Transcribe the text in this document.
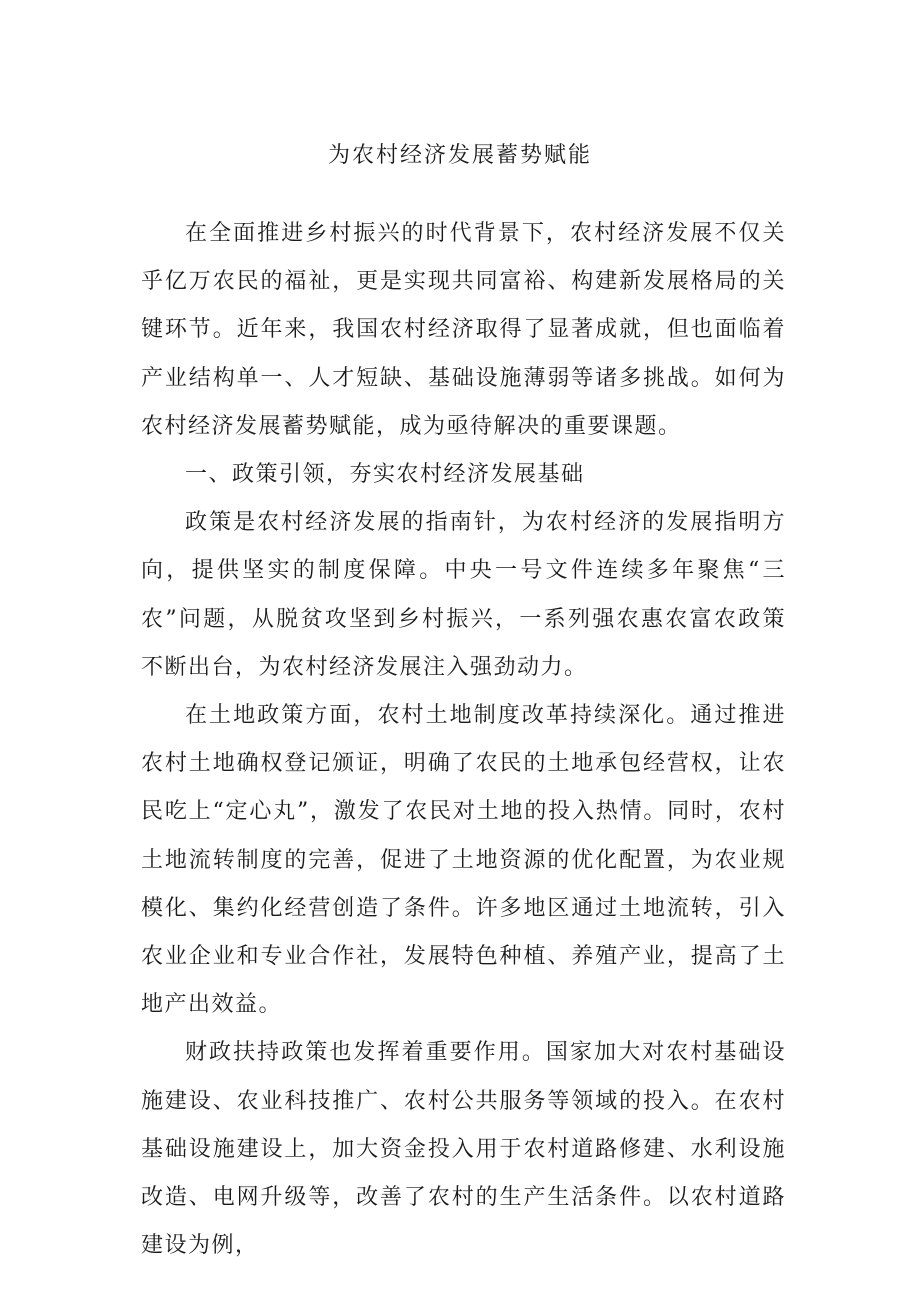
为农村经济发展蓄势赋能

在全面推进乡村振兴的时代背景下，农村经济发展不仅关乎亿万农民的福祉，更是实现共同富裕、构建新发展格局的关键环节。近年来，我国农村经济取得了显著成就，但也面临着产业结构单一、人才短缺、基础设施薄弱等诸多挑战。如何为农村经济发展蓄势赋能，成为亟待解决的重要课题。

一、政策引领，夯实农村经济发展基础

政策是农村经济发展的指南针，为农村经济的发展指明方向，提供坚实的制度保障。中央一号文件连续多年聚焦“三农”问题，从脱贫攻坚到乡村振兴，一系列强农惠农富农政策不断出台，为农村经济发展注入强劲动力。

在土地政策方面，农村土地制度改革持续深化。通过推进农村土地确权登记颁证，明确了农民的土地承包经营权，让农民吃上“定心丸”，激发了农民对土地的投入热情。同时，农村土地流转制度的完善，促进了土地资源的优化配置，为农业规模化、集约化经营创造了条件。许多地区通过土地流转，引入农业企业和专业合作社，发展特色种植、养殖产业，提高了土地产出效益。

财政扶持政策也发挥着重要作用。国家加大对农村基础设施建设、农业科技推广、农村公共服务等领域的投入。在农村基础设施建设上，加大资金投入用于农村道路修建、水利设施改造、电网升级等，改善了农村的生产生活条件。以农村道路建设为例，
